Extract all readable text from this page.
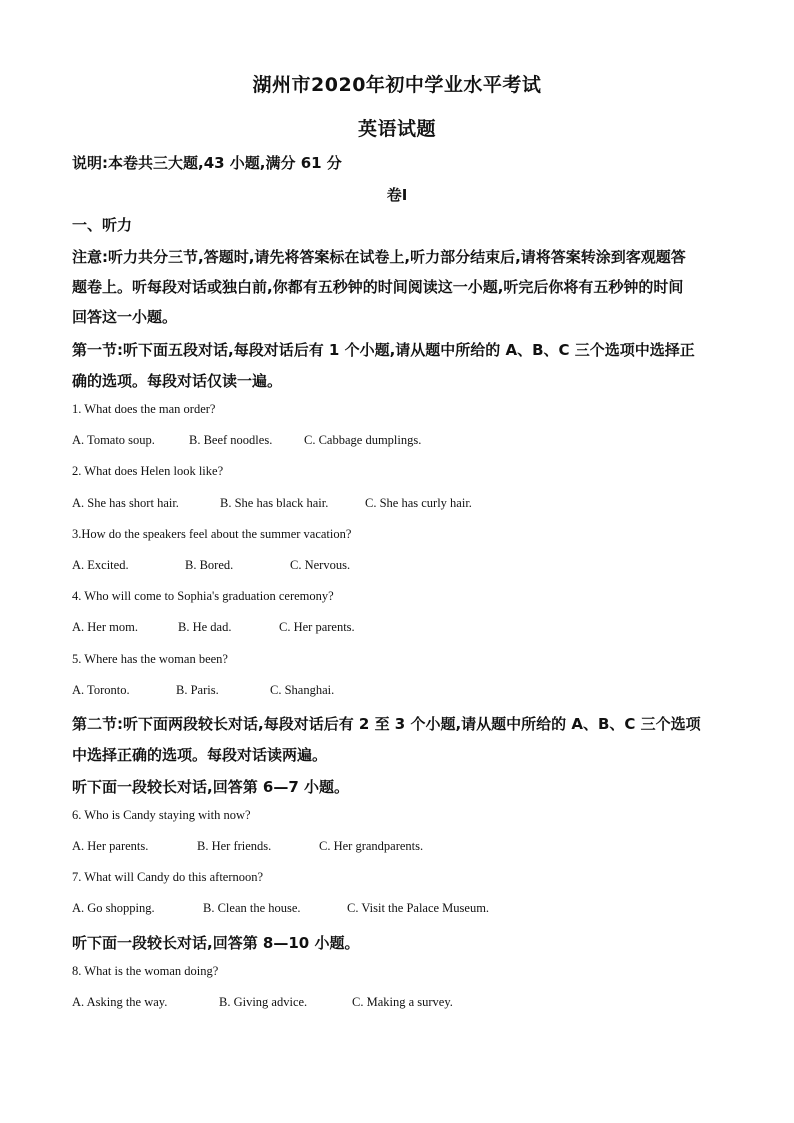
湖州市2020年初中学业水平考试
英语试题
说明:本卷共三大题,43 小题,满分 61 分
卷I
一、听力
注意:听力共分三节,答题时,请先将答案标在试卷上,听力部分结束后,请将答案转涂到客观题答
题卷上。听每段对话或独白前,你都有五秒钟的时间阅读这一小题,听完后你将有五秒钟的时间
回答这一小题。
第一节:听下面五段对话,每段对话后有 1 个小题,请从题中所给的 A、B、C 三个选项中选择正
确的选项。每段对话仅读一遍。
1. What does the man order?
A. Tomato soup.	B. Beef noodles.	C. Cabbage dumplings.
2. What does Helen look like?
A. She has short hair.	B. She has black hair.	C. She has curly hair.
3.How do the speakers feel about the summer vacation?
A. Excited.	B. Bored.	C. Nervous.
4. Who will come to Sophia's graduation ceremony?
A. Her mom.	B. He dad.	C. Her parents.
5. Where has the woman been?
A. Toronto.	B. Paris.	C. Shanghai.
第二节:听下面两段较长对话,每段对话后有 2 至 3 个小题,请从题中所给的 A、B、C 三个选项
中选择正确的选项。每段对话读两遍。
听下面一段较长对话,回答第 6—7 小题。
6. Who is Candy staying with now?
A. Her parents.	B. Her friends.	C. Her grandparents.
7. What will Candy do this afternoon?
A. Go shopping.	B. Clean the house.	C. Visit the Palace Museum.
听下面一段较长对话,回答第 8—10 小题。
8. What is the woman doing?
A. Asking the way.	B. Giving advice.	C. Making a survey.
